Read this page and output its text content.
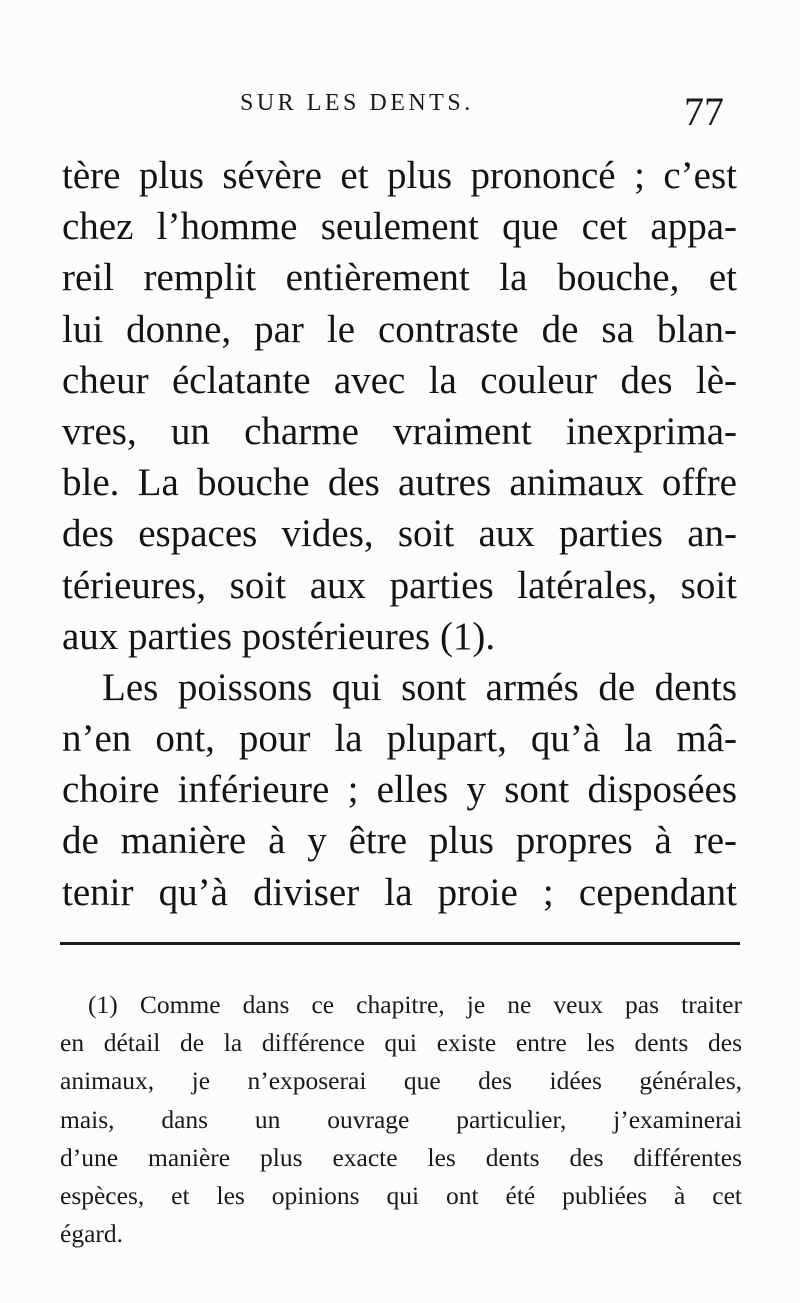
SUR LES DENTS.	77
tère plus sévère et plus prononcé ; c’est
chez l’homme seulement que cet appa-
reil remplit entièrement la bouche, et
lui donne, par le contraste de sa blan-
cheur éclatante avec la couleur des lè-
vres, un charme vraiment inexprima-
ble. La bouche des autres animaux offre
des espaces vides, soit aux parties an-
térieures, soit aux parties latérales, soit
aux parties postérieures (1).
Les poissons qui sont armés de dents
n’en ont, pour la plupart, qu’à la mâ-
choire inférieure ; elles y sont disposées
de manière à y être plus propres à re-
tenir qu’à diviser la proie ; cependant
(1) Comme dans ce chapitre, je ne veux pas traiter
en détail de la différence qui existe entre les dents des
animaux, je n’exposerai que des idées générales,
mais, dans un ouvrage particulier, j’examinerai
d’une manière plus exacte les dents des différentes
espèces, et les opinions qui ont été publiées à cet
égard.
